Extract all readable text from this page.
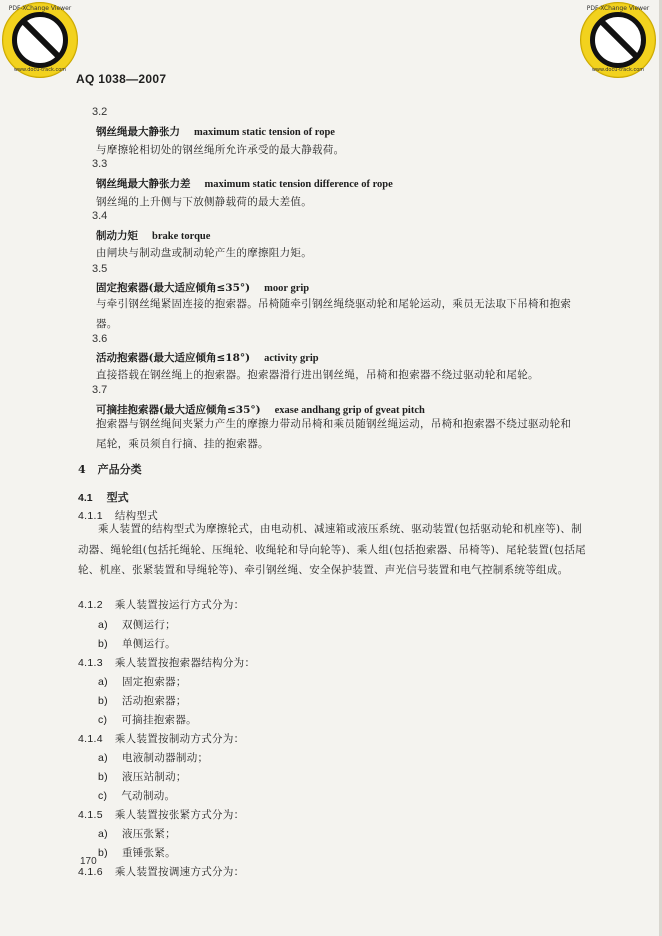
PDF-XChange Viewer
www.docu-track.com
PDF-XChange Viewer
www.docu-track.com
AQ 1038—2007
3.2
钢丝绳最大静张力 maximum static tension of rope
与摩擦轮相切处的钢丝绳所允许承受的最大静载荷。
3.3
钢丝绳最大静张力差 maximum static tension difference of rope
钢丝绳的上升侧与下放侧静载荷的最大差值。
3.4
制动力矩 brake torque
由闸块与制动盘或制动轮产生的摩擦阻力矩。
3.5
固定抱索器(最大适应倾角≤35°) moor grip
与牵引钢丝绳紧固连接的抱索器。吊椅随牵引钢丝绳绕驱动轮和尾轮运动，乘员无法取下吊椅和抱索器。
3.6
活动抱索器(最大适应倾角≤18°) activity grip
直接搭载在钢丝绳上的抱索器。抱索器滑行进出钢丝绳，吊椅和抱索器不绕过驱动轮和尾轮。
3.7
可摘挂抱索器(最大适应倾角≤35°) exase andhang grip of gveat pitch
抱索器与钢丝绳间夹紧力产生的摩擦力带动吊椅和乘员随钢丝绳运动，吊椅和抱索器不绕过驱动轮和尾轮，乘员须自行摘、挂的抱索器。
4 产品分类
4.1 型式
4.1.1 结构型式
乘人装置的结构型式为摩擦轮式，由电动机、减速箱或液压系统、驱动装置(包括驱动轮和机座等)、制动器、绳轮组(包括托绳轮、压绳轮、收绳轮和导向轮等)、乘人组(包括抱索器、吊椅等)、尾轮装置(包括尾轮、机座、张紧装置和导绳轮等)、牵引钢丝绳、安全保护装置、声光信号装置和电气控制系统等组成。
4.1.2 乘人装置按运行方式分为：
a) 双侧运行；
b) 单侧运行。
4.1.3 乘人装置按抱索器结构分为：
a) 固定抱索器；
b) 活动抱索器；
c) 可摘挂抱索器。
4.1.4 乘人装置按制动方式分为：
a) 电液制动器制动；
b) 液压站制动；
c) 气动制动。
4.1.5 乘人装置按张紧方式分为：
a) 液压张紧；
b) 重锤张紧。
4.1.6 乘人装置按调速方式分为：
170
